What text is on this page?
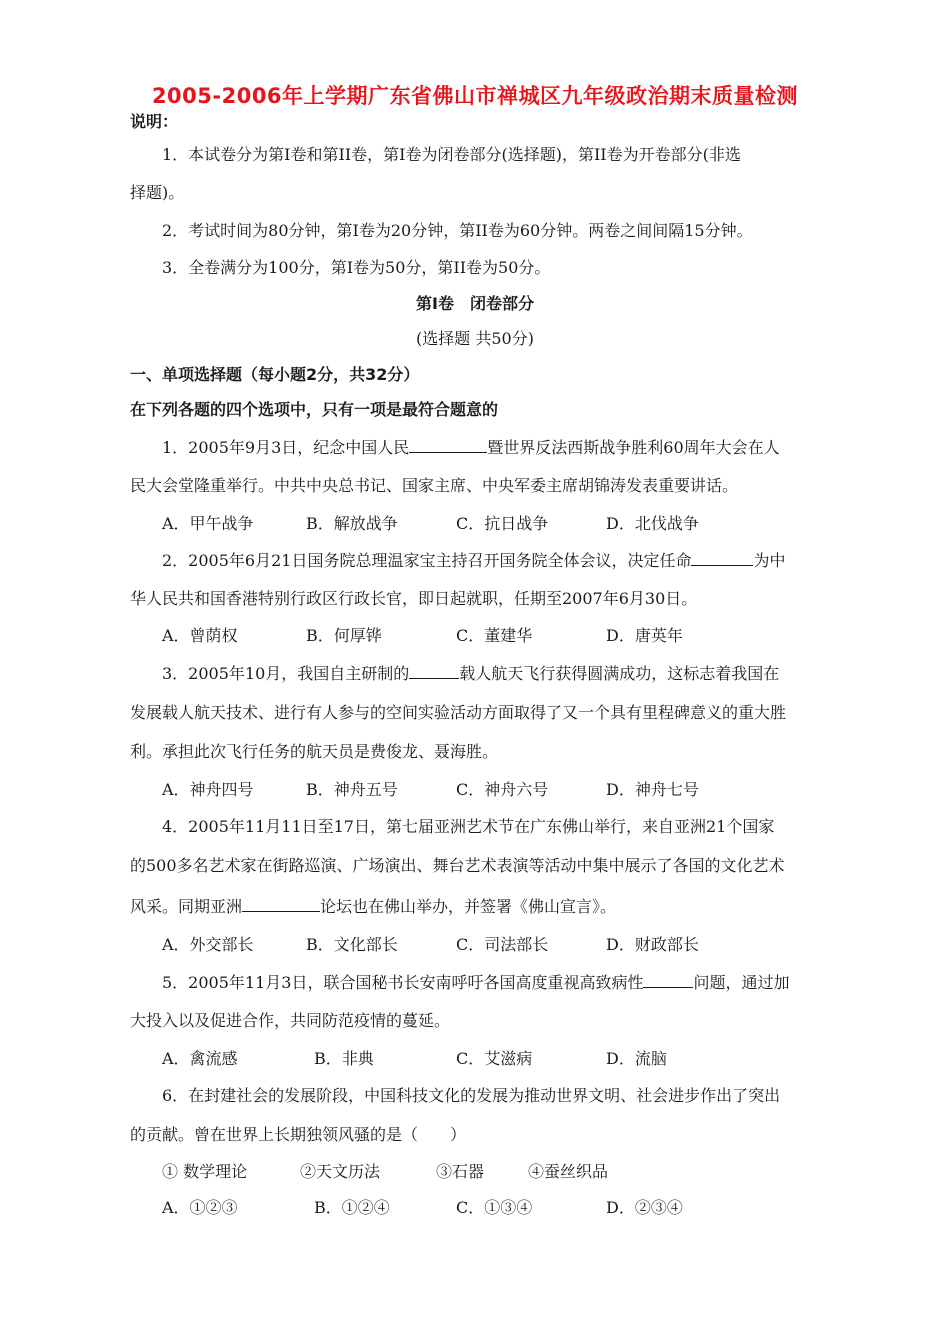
2005-2006年上学期广东省佛山市禅城区九年级政治期末质量检测
说明：
1．本试卷分为第I卷和第II卷，第I卷为闭卷部分(选择题)，第II卷为开卷部分(非选
择题)。
2．考试时间为80分钟，第I卷为20分钟，第II卷为60分钟。两卷之间间隔15分钟。
3．全卷满分为100分，第I卷为50分，第II卷为50分。
第I卷　闭卷部分
(选择题 共50分)
一、单项选择题（每小题2分，共32分）
在下列各题的四个选项中，只有一项是最符合题意的
1．2005年9月3日，纪念中国人民	暨世界反法西斯战争胜利60周年大会在人
民大会堂隆重举行。中共中央总书记、国家主席、中央军委主席胡锦涛发表重要讲话。
A．甲午战争	B．解放战争	C．抗日战争	D．北伐战争
2．2005年6月21日国务院总理温家宝主持召开国务院全体会议，决定任命	为中
华人民共和国香港特别行政区行政长官，即日起就职，任期至2007年6月30日。
A．曾荫权	B．何厚铧	C．董建华	D．唐英年
3．2005年10月，我国自主研制的	载人航天飞行获得圆满成功，这标志着我国在
发展载人航天技术、进行有人参与的空间实验活动方面取得了又一个具有里程碑意义的重大胜
利。承担此次飞行任务的航天员是费俊龙、聂海胜。
A．神舟四号	B．神舟五号	C．神舟六号	D．神舟七号
4．2005年11月11日至17日，第七届亚洲艺术节在广东佛山举行，来自亚洲21个国家
的500多名艺术家在街路巡演、广场演出、舞台艺术表演等活动中集中展示了各国的文化艺术
风采。同期亚洲	论坛也在佛山举办，并签署《佛山宣言》。
A．外交部长	B．文化部长	C．司法部长	D．财政部长
5．2005年11月3日，联合国秘书长安南呼吁各国高度重视高致病性	问题，通过加
大投入以及促进合作，共同防范疫情的蔓延。
A．禽流感	B．非典	C．艾滋病	D．流脑
6．在封建社会的发展阶段，中国科技文化的发展为推动世界文明、社会进步作出了突出
的贡献。曾在世界上长期独领风骚的是（　　）
① 数学理论	②天文历法	③石器	④蚕丝织品
A．①②③	B．①②④	C．①③④	D．②③④
